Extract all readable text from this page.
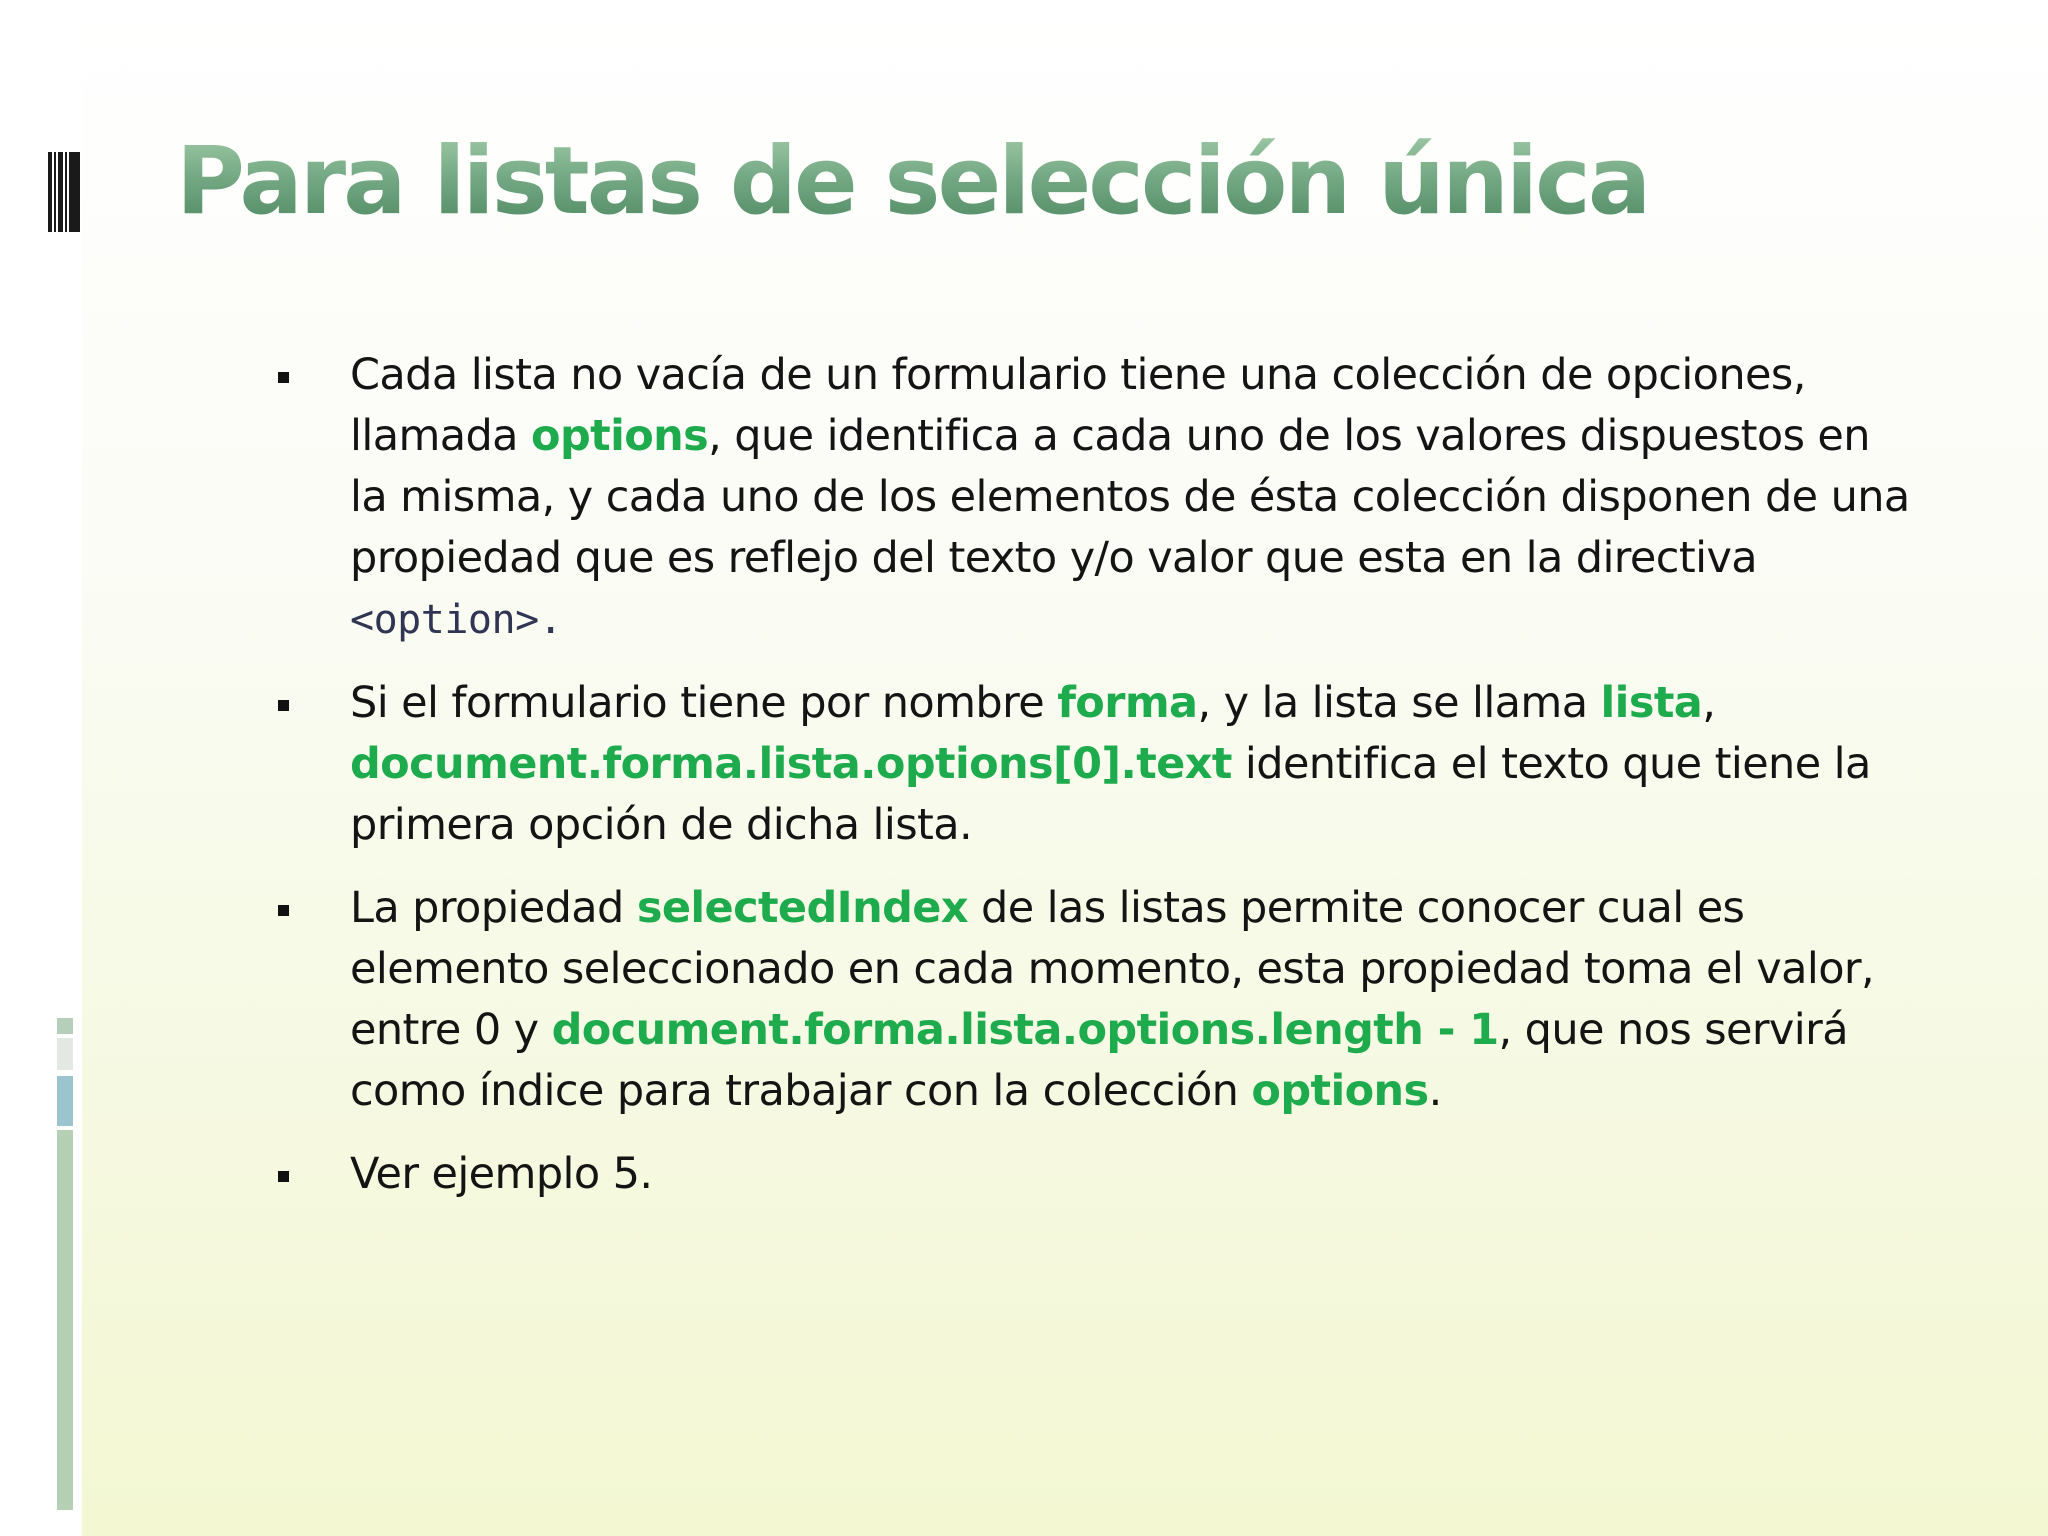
Para listas de selección única
Cada lista no vacía de un formulario tiene una colección de opciones, llamada options, que identifica a cada uno de los valores dispuestos en la misma, y cada uno de los elementos de ésta colección disponen de una propiedad que es reflejo del texto y/o valor que esta en la directiva <option>.
Si el formulario tiene por nombre forma, y la lista se llama lista, document.forma.lista.options[0].text identifica el texto que tiene la primera opción de dicha lista.
La propiedad selectedIndex de las listas permite conocer cual es elemento seleccionado en cada momento, esta propiedad toma el valor, entre 0 y document.forma.lista.options.length - 1, que nos servirá como índice para trabajar con la colección options.
Ver ejemplo 5.
